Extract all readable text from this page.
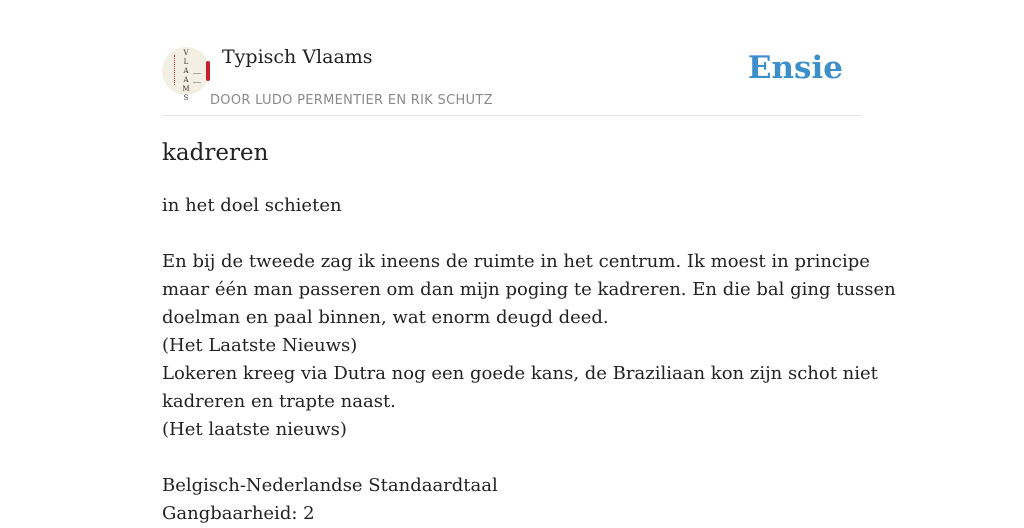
V
L
A
A
M
S
Typisch Vlaams
DOOR LUDO PERMENTIER EN RIK SCHUTZ
Ensie
kadreren
in het doel schieten
En bij de tweede zag ik ineens de ruimte in het centrum. Ik moest in principe
maar één man passeren om dan mijn poging te kadreren. En die bal ging tussen
doelman en paal binnen, wat enorm deugd deed.
(Het Laatste Nieuws)
Lokeren kreeg via Dutra nog een goede kans, de Braziliaan kon zijn schot niet
kadreren en trapte naast.
(Het laatste nieuws)
Belgisch-Nederlandse Standaardtaal
Gangbaarheid: 2
